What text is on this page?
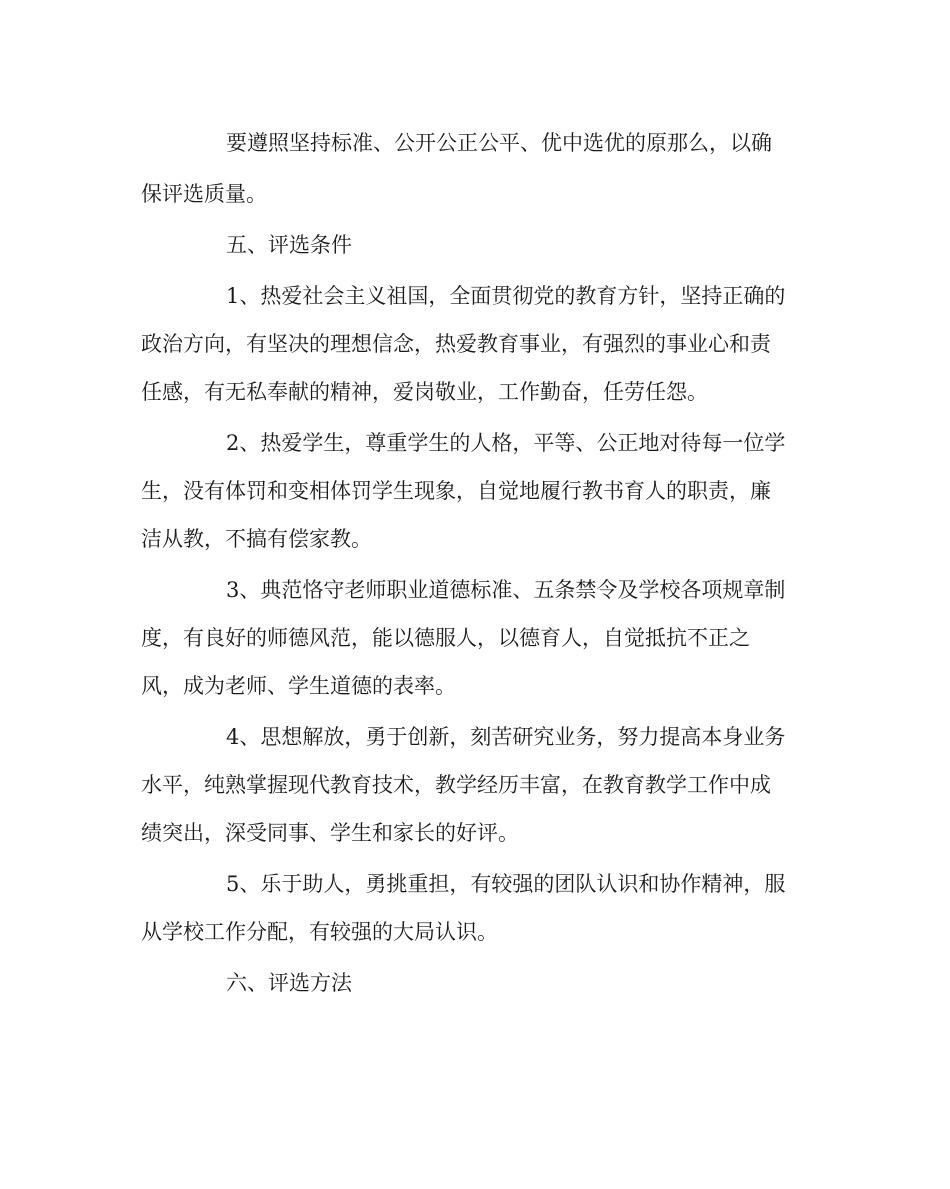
要遵照坚持标准、公开公正公平、优中选优的原那么，以确
保评选质量。
五、评选条件
1、热爱社会主义祖国，全面贯彻党的教育方针，坚持正确的
政治方向，有坚决的理想信念，热爱教育事业，有强烈的事业心和责
任感，有无私奉献的精神，爱岗敬业，工作勤奋，任劳任怨。
2、热爱学生，尊重学生的人格，平等、公正地对待每一位学
生，没有体罚和变相体罚学生现象，自觉地履行教书育人的职责，廉
洁从教，不搞有偿家教。
3、典范恪守老师职业道德标准、五条禁令及学校各项规章制
度，有良好的师德风范，能以德服人，以德育人，自觉抵抗不正之
风，成为老师、学生道德的表率。
4、思想解放，勇于创新，刻苦研究业务，努力提高本身业务
水平，纯熟掌握现代教育技术，教学经历丰富，在教育教学工作中成
绩突出，深受同事、学生和家长的好评。
5、乐于助人，勇挑重担，有较强的团队认识和协作精神，服
从学校工作分配，有较强的大局认识。
六、评选方法
